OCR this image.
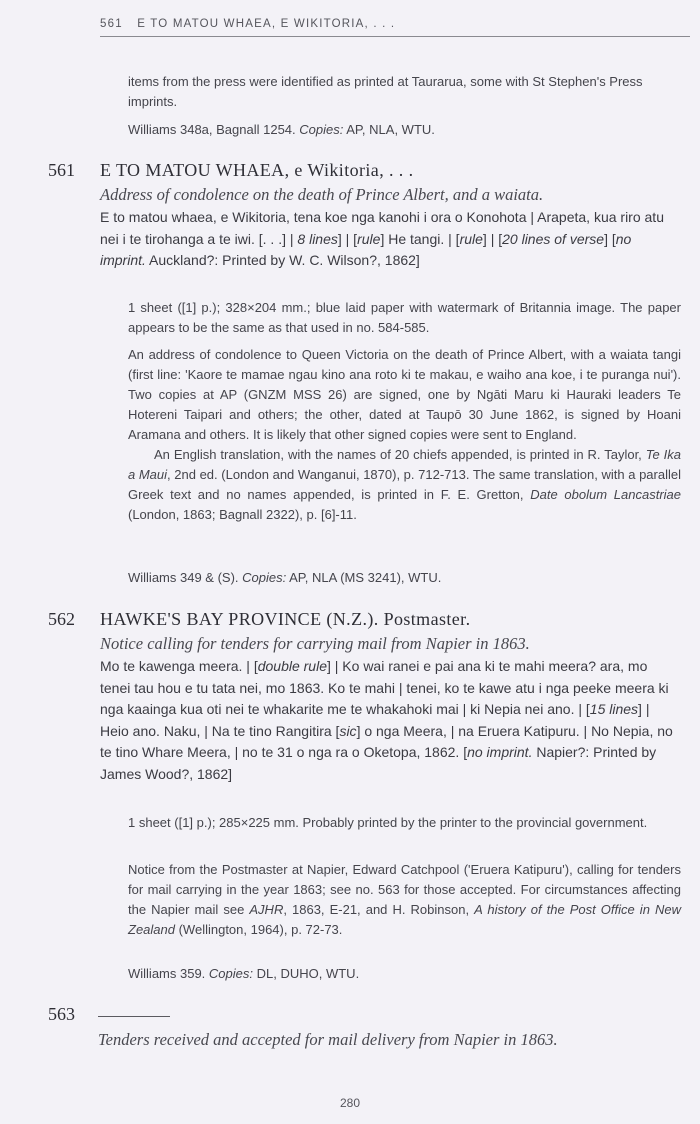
561 E TO MATOU WHAEA, E WIKITORIA, . . .
items from the press were identified as printed at Taurarua, some with St Stephen's Press imprints.
Williams 348a, Bagnall 1254. Copies: AP, NLA, WTU.
561 E TO MATOU WHAEA, e Wikitoria, . . .
Address of condolence on the death of Prince Albert, and a waiata.
E to matou whaea, e Wikitoria, tena koe nga kanohi i ora o Konohota | Arapeta, kua riro atu nei i te tirohanga a te iwi. [. . .] | 8 lines] | [rule] He tangi. | [rule] | [20 lines of verse] [no imprint. Auckland?: Printed by W. C. Wilson?, 1862]
1 sheet ([1] p.); 328×204 mm.; blue laid paper with watermark of Britannia image. The paper appears to be the same as that used in no. 584-585.
An address of condolence to Queen Victoria on the death of Prince Albert, with a waiata tangi (first line: 'Kaore te mamae ngau kino ana roto ki te makau, e waiho ana koe, i te puranga nui'). Two copies at AP (GNZM MSS 26) are signed, one by Ngāti Maru ki Hauraki leaders Te Hotereni Taipari and others; the other, dated at Taupō 30 June 1862, is signed by Hoani Aramana and others. It is likely that other signed copies were sent to England.
An English translation, with the names of 20 chiefs appended, is printed in R. Taylor, Te Ika a Maui, 2nd ed. (London and Wanganui, 1870), p. 712-713. The same translation, with a parallel Greek text and no names appended, is printed in F. E. Gretton, Date obolum Lancastriae (London, 1863; Bagnall 2322), p. [6]-11.
Williams 349 & (S). Copies: AP, NLA (MS 3241), WTU.
562 HAWKE'S BAY PROVINCE (N.Z.). Postmaster.
Notice calling for tenders for carrying mail from Napier in 1863.
Mo te kawenga meera. | [double rule] | Ko wai ranei e pai ana ki te mahi meera? ara, mo tenei tau hou e tu tata nei, mo 1863. Ko te mahi | tenei, ko te kawe atu i nga peeke meera ki nga kaainga kua oti nei te whakarite me te whakahoki mai | ki Nepia nei ano. | [15 lines] | Heio ano. Naku, | Na te tino Rangitira [sic] o nga Meera, | na Eruera Katipuru. | No Nepia, no te tino Whare Meera, | no te 31 o nga ra o Oketopa, 1862. [no imprint. Napier?: Printed by James Wood?, 1862]
1 sheet ([1] p.); 285×225 mm. Probably printed by the printer to the provincial government.
Notice from the Postmaster at Napier, Edward Catchpool ('Eruera Katipuru'), calling for tenders for mail carrying in the year 1863; see no. 563 for those accepted. For circumstances affecting the Napier mail see AJHR, 1863, E-21, and H. Robinson, A history of the Post Office in New Zealand (Wellington, 1964), p. 72-73.
Williams 359. Copies: DL, DUHO, WTU.
563
Tenders received and accepted for mail delivery from Napier in 1863.
280
